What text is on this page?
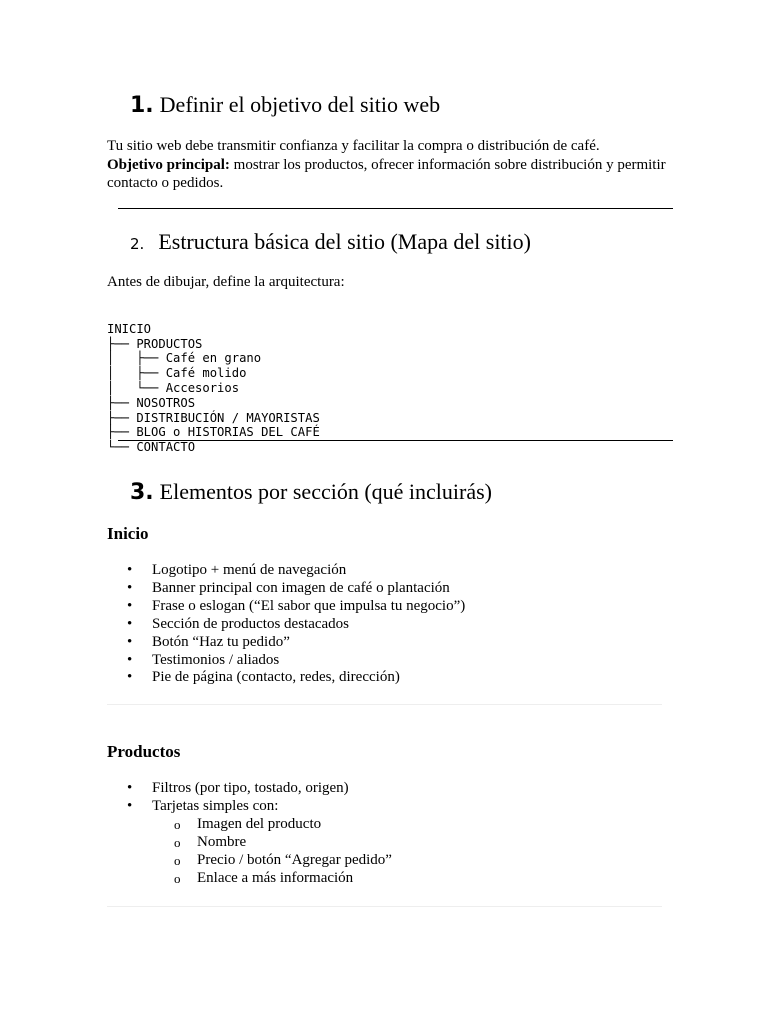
1. Definir el objetivo del sitio web
Tu sitio web debe transmitir confianza y facilitar la compra o distribución de café.
Objetivo principal: mostrar los productos, ofrecer información sobre distribución y permitir contacto o pedidos.
2. Estructura básica del sitio (Mapa del sitio)
Antes de dibujar, define la arquitectura:

INICIO
├── PRODUCTOS
│   ├── Café en grano
│   ├── Café molido
│   └── Accesorios
├── NOSOTROS
├── DISTRIBUCIÓN / MAYORISTAS
├── BLOG o HISTORIAS DEL CAFÉ
└── CONTACTO

3. Elementos por sección (qué incluirás)
Inicio
• Logotipo + menú de navegación
• Banner principal con imagen de café o plantación
• Frase o eslogan (“El sabor que impulsa tu negocio”)
• Sección de productos destacados
• Botón “Haz tu pedido”
• Testimonios / aliados
• Pie de página (contacto, redes, dirección)
Productos
• Filtros (por tipo, tostado, origen)
• Tarjetas simples con:
o Imagen del producto
o Nombre
o Precio / botón “Agregar pedido”
o Enlace a más información
